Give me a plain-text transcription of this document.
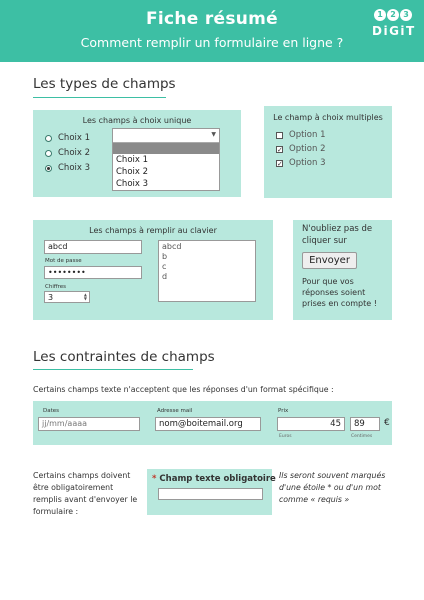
Fiche résumé
Comment remplir un formulaire en ligne ?
1 2 3
DiGiT
Les types de champs
Les champs à choix unique
Choix 1
Choix 2
Choix 3
▼
Choix 1
Choix 2
Choix 3
Le champ à choix multiples
Option 1
✓ Option 2
✓ Option 3
Les champs à remplir au clavier
abcd
Mot de passe
••••••••
Chiffres
3	▲
▼
abcd
b
c
d
N'oubliez pas de cliquer sur
Envoyer
Pour que vos réponses soient prises en compte !
Les contraintes de champs
Certains champs texte n'acceptent que les réponses d'un format spécifique :
Dates
jj/mm/aaaa
Adresse mail
nom@boitemail.org
Prix
45	89	€
Euros	Centimes
Certains champs doivent être obligatoirement remplis avant d'envoyer le formulaire :
* Champ texte obligatoire Ils seront souvent marqués d'une étoile * ou d'un mot comme « requis »
